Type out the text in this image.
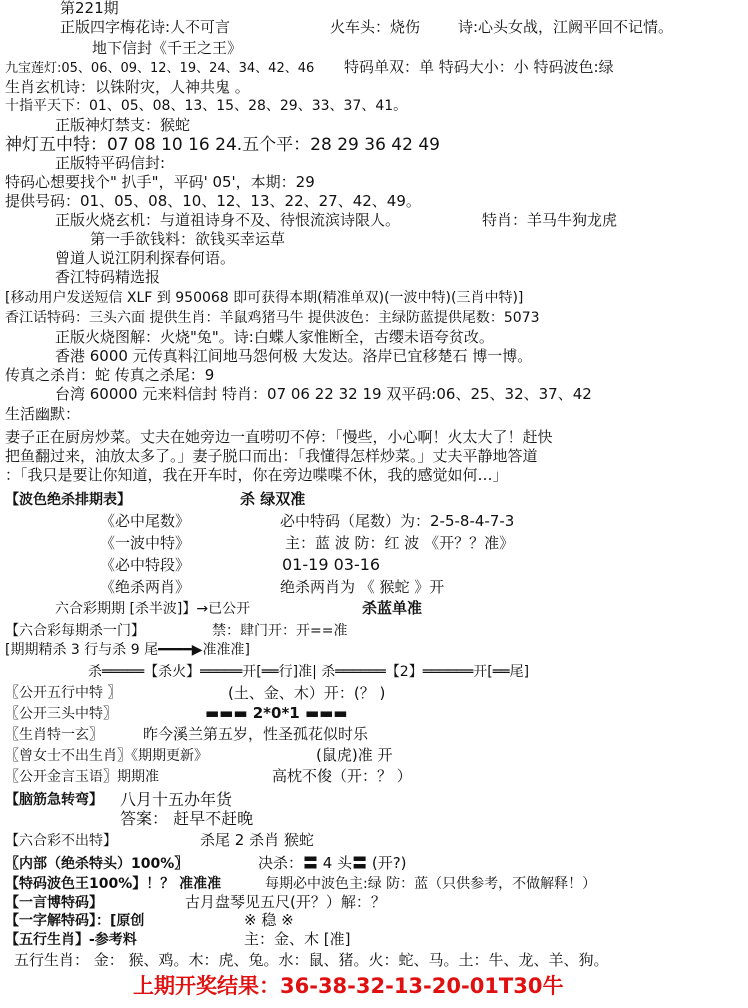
第221期
正版四字梅花诗:人不可言	火车头：烧伤	诗:心头女战，江阙平回不记情。
地下信封《千王之王》
九宝莲灯:05、06、09、12、19、24、34、42、46 特码单双：单 特码大小：小 特码波色:绿
生肖玄机诗：以铢附灾，人神共鬼 。
十指平天下：01、05、08、13、15、28、29、33、37、41。
正版神灯禁支：猴蛇
神灯五中特：07 08 10 16 24.五个平：28 29 36 42 49
正版特平码信封:
特码心想要找个" 扒手"，平码' 05'，本期：29
提供号码：01、05、08、10、12、13、22、27、42、49。
正版火烧玄机：与道祖诗身不及、待恨流滨诗限人。	特肖：羊马牛狗龙虎
第一手欲钱料：欲钱买幸运草
曾道人说江阴利探春何语。
香江特码精选报
[移动用户发送短信 XLF 到 950068 即可获得本期(精准单双)(一波中特)(三肖中特)]
香江话特码：三头六面 提供生肖：羊鼠鸡猪马牛 提供波色：主绿防蓝提供尾数：5073
正版火烧图解：火烧"兔"。诗:白蝶人家惟断全，古缨未语夸贫改。
香港 6000 元传真料江间地马怨何极 大发达。洛岸已宜移楚石 博一博。
传真之杀肖：蛇 传真之杀尾：9
台湾 60000 元来料信封 特肖：07 06 22 32 19 双平码:06、25、32、37、42
生活幽默：
妻子正在厨房炒菜。丈夫在她旁边一直唠叨不停：「慢些，小心啊！火太大了！赶快
把鱼翻过来，油放太多了。」妻子脱口而出：「我懂得怎样炒菜。」丈夫平静地答道
：「我只是要让你知道，我在开车时，你在旁边喋喋不休，我的感觉如何…」
【波色绝杀排期表】	杀 绿双准
《必中尾数》	必中特码（尾数）为：2-5-8-4-7-3
《一波中特》	主：蓝 波 防：红 波 《开？？准》
《必中特段》	01-19 03-16
《绝杀两肖》	绝杀两肖为 《 猴蛇 》开
六合彩期期 [杀半波]】→已公开	杀蓝单准
【六合彩每期杀一门】	禁：肆门开：开==准
[期期精杀 3 行与杀 9 尾━━━━▶准准准]
杀═════【杀火】═════开[══行]准| 杀══════【2】══════开[══尾]
〖公开五行中特 〗	(土、金、木）开：(？ )
〖公开三头中特〗	▬▬▬ 2*0*1 ▬▬▬
〖生肖特一玄〗	昨今溪兰第五岁，性圣孤花似时乐
〖曾女士不出生肖〗《期期更新》	(鼠虎)准 开
〖公开金言玉语〗期期准	高枕不俊（开：？ ）
【脑筋急转弯】 八月十五办年货
答案： 赶早不赶晚
【六合彩不出特】	杀尾 2 杀肖 猴蛇
〖内部（绝杀特头）100%〗	决杀：〓 4 头〓 (开?)
【特码波色王100%】！？ 准准准	每期必中波色主:绿 防：蓝（只供参考，不做解释！）
【一言博特码】	古月盘琴见五尺(开？）解：？
【一字解特码】：[原创	※ 稳 ※
【五行生肖】-参考料	主：金、木 [准]
五行生肖： 金： 猴、鸡。木：虎、兔。水：鼠、猪。火：蛇、马。土：牛、龙、羊、狗。
上期开奖结果：36-38-32-13-20-01T30牛
